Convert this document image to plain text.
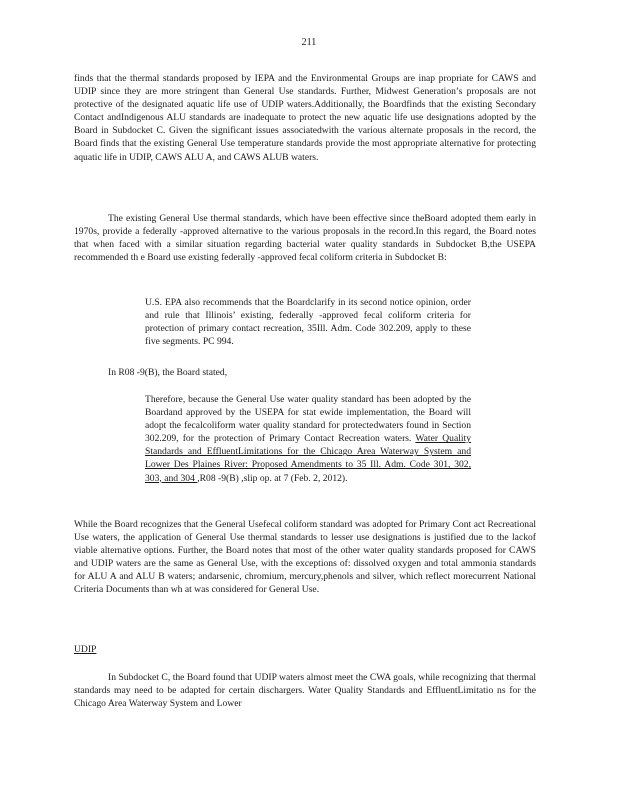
211

finds that the thermal standards proposed by IEPA and the Environmental Groups are inap propriate for CAWS and UDIP since they are more stringent than General Use standards. Further, Midwest Generation’s proposals are not protective of the designated aquatic life use of UDIP waters.Additionally, the Boardfinds that the existing Secondary Contact andIndigenous ALU standards are inadequate to protect the new aquatic life use designations adopted by the Board in Subdocket C. Given the significant issues associatedwith the various alternate proposals in the record, the Board finds that the existing General Use temperature standards provide the most appropriate alternative for protecting aquatic life in UDIP, CAWS ALU A, and CAWS ALUB waters.

The existing General Use thermal standards, which have been effective since theBoard adopted them early in 1970s, provide a federally -approved alternative to the various proposals in the record.In this regard, the Board notes that when faced with a similar situation regarding bacterial water quality standards in Subdocket B,the USEPA recommended th e Board use existing federally -approved fecal coliform criteria in Subdocket B:

U.S. EPA also recommends that the Boardclarify in its second notice opinion, order and rule that Illinois’ existing, federally -approved fecal coliform criteria for protection of primary contact recreation, 35Ill. Adm. Code 302.209, apply to these five segments. PC 994.

In R08 -9(B), the Board stated,

Therefore, because the General Use water quality standard has been adopted by the Boardand approved by the USEPA for stat ewide implementation, the Board will adopt the fecalcoliform water quality standard for protectedwaters found in Section 302.209, for the protection of Primary Contact Recreation waters. Water Quality Standards and EffluentLimitations for the Chicago Area Waterway System and Lower Des Plaines River: Proposed Amendments to 35 Ill. Adm. Code 301, 302, 303, and 304 ,R08 -9(B) ,slip op. at 7 (Feb. 2, 2012).

While the Board recognizes that the General Usefecal coliform standard was adopted for Primary Cont act Recreational Use waters, the application of General Use thermal standards to lesser use designations is justified due to the lackof viable alternative options. Further, the Board notes that most of the other water quality standards proposed for CAWS and UDIP waters are the same as General Use, with the exceptions of: dissolved oxygen and total ammonia standards for ALU A and ALU B waters; andarsenic, chromium, mercury,phenols and silver, which reflect morecurrent National Criteria Documents than wh at was considered for General Use.

UDIP

In Subdocket C, the Board found that UDIP waters almost meet the CWA goals, while recognizing that thermal standards may need to be adapted for certain dischargers. Water Quality Standards and EffluentLimitatio ns for the Chicago Area Waterway System and Lower
